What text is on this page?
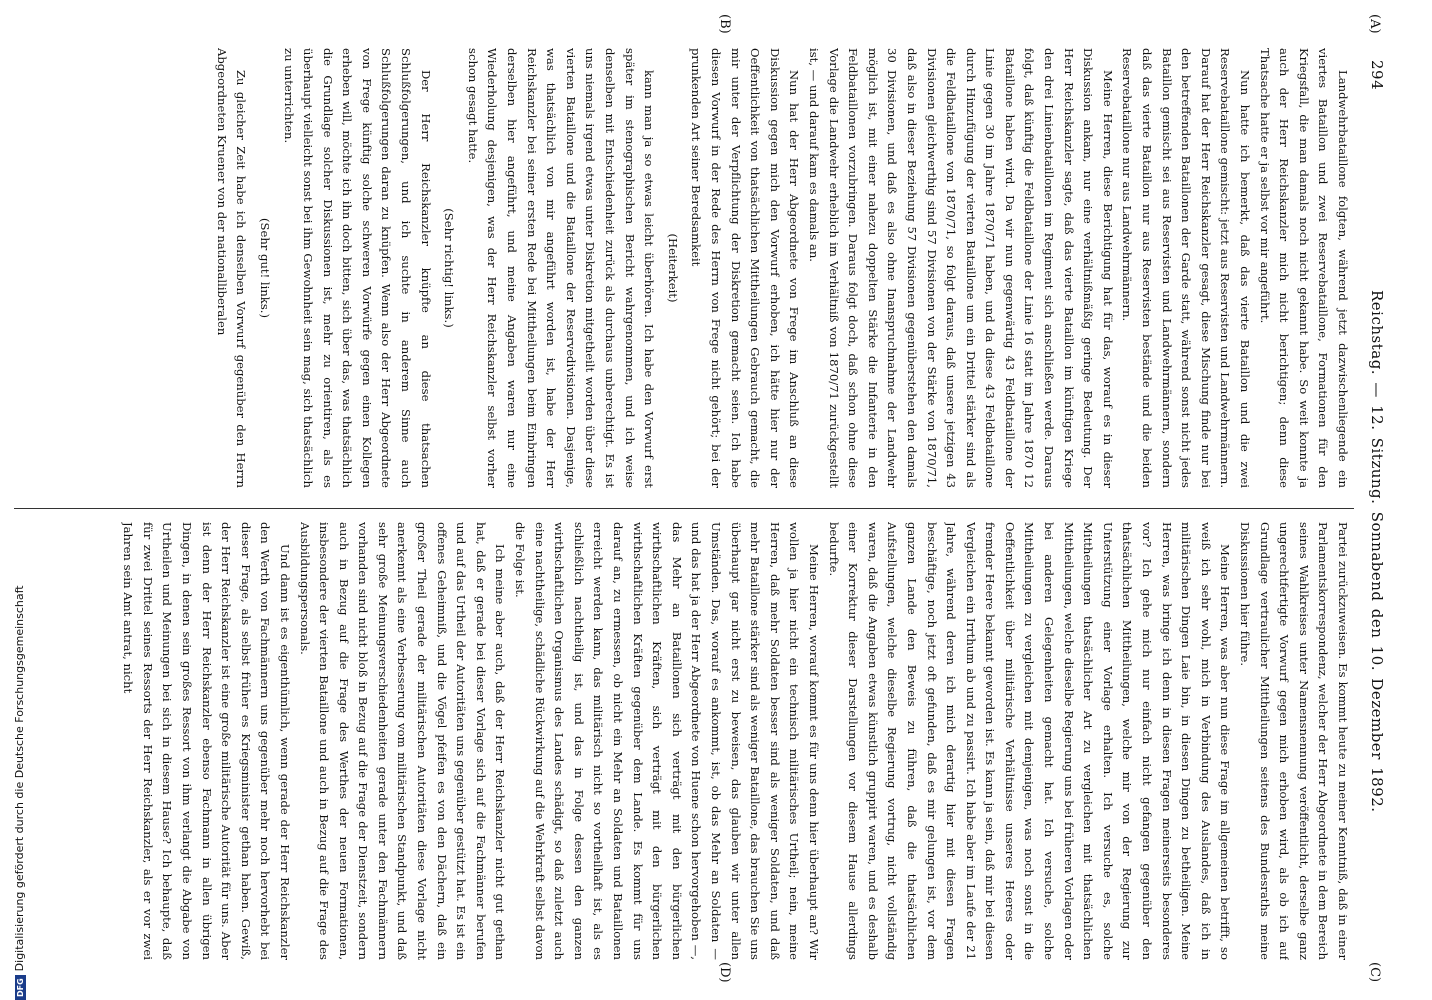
294
Reichstag. — 12. Sitzung. Sonnabend den 10. Dezember 1892.
(A)
(B)
(C)
(D)

Landwehrbataillone folgten, während jetzt dazwischenliegende ein viertes Bataillon und zwei Reservebataillone, Formationen für den Kriegsfall, die man damals noch nicht gekannt habe. So weit konnte ja auch der Herr Reichskanzler mich nicht berichtigen; denn diese Thatsache hatte er ja selbst vor mir angeführt.

Nun hatte ich bemerkt, daß das vierte Bataillon und die zwei Reservebataillone gemischt: jetzt aus Reservisten und Landwehrmännern. Darauf hat der Herr Reichskanzler gesagt, diese Mischung finde nur bei den betreffenden Bataillonen der Garde statt, während sonst nicht jedes Bataillon gemischt sei aus Reservisten und Landwehrmännern, sondern daß das vierte Bataillon nur aus Reservisten bestände und die beiden Reservebataillone nur aus Landwehrmännern.

Meine Herren, diese Berichtigung hat für das, worauf es in dieser Diskussion ankam, nur eine verhältnißmäßig geringe Bedeutung. Der Herr Reichskanzler sagte, daß das vierte Bataillon im künftigen Kriege den drei Linienbataillonen im Regiment sich anschließen werde. Daraus folgt, daß künftig die Feldbataillone der Linie 16 statt im Jahre 1870 12 Bataillone haben wird. Da wir nun gegenwärtig 43 Feldbataillone der Linie gegen 30 im Jahre 1870/71 haben, und da diese 43 Feldbataillone durch Hinzufügung der vierten Bataillone um ein Drittel stärker sind als die Feldbataillone von 1870/71, so folgt daraus, daß unsere jetzigen 43 Divisionen gleichwerthig sind 57 Divisionen von der Stärke von 1870/71, daß also in dieser Beziehung 57 Divisionen gegenüberstehen den damals 30 Divisionen, und daß es also ohne Inanspruchnahme der Landwehr möglich ist, mit einer nahezu doppelten Stärke die Infanterie in den Feldbataillonen vorzubringen. Daraus folgt doch, daß schon ohne diese Vorlage die Landwehr erheblich im Verhältniß von 1870/71 zurückgestellt ist, — und darauf kam es damals an.

Nun hat der Herr Abgeordnete von Frege im Anschluß an diese Diskussion gegen mich den Vorwurf erhoben, ich hätte hier nur der Oeffentlichkeit von thatsächlichen Mittheilungen Gebrauch gemacht, die mir unter der Verpflichtung der Diskretion gemacht seien. Ich habe diesen Vorwurf in der Rede des Herrn von Frege nicht gehört; bei der prunkenden Art seiner Beredsamkeit

(Heiterkeit)

kann man ja so etwas leicht überhören. Ich habe den Vorwurf erst später im stenographischen Bericht wahrgenommen, und ich weise denselben mit Entschiedenheit zurück als durchaus unberechtigt. Es ist uns niemals irgend etwas unter Diskretion mitgetheilt worden über diese vierten Bataillone und die Bataillone der Reservedivisionen. Dasjenige, was thatsächlich von mir angeführt worden ist, habe der Herr Reichskanzler bei seiner ersten Rede bei Mittheilungen beim Einbringen derselben hier angeführt, und meine Angaben waren nur eine Wiederholung desjenigen, was der Herr Reichskanzler selbst vorher schon gesagt hatte.

(Sehr richtig! links.)

Der Herr Reichskanzler knüpfte an diese thatsachen Schlußfolgerungen, und ich suchte in anderem Sinne auch Schlußfolgerungen daran zu knüpfen. Wenn also der Herr Abgeordnete von Frege künftig solche schweren Vorwürfe gegen einen Kollegen erheben will, möchte ich ihn doch bitten, sich über das, was thatsächlich die Grundlage solcher Diskussionen ist, mehr zu orientiren, als es überhaupt vielleicht sonst bei ihm Gewohnheit sein mag, sich thatsächlich zu unterrichten.

(Sehr gut! links.)

Zu gleicher Zeit habe ich denselben Vorwurf gegenüber den Herrn Abgeordneten Kruener von der nationalliberalen

Partei zurückzuweisen. Es kommt heute zu meiner Kenntniß, daß in einer Parlamentskorrespondenz, welcher der Herr Abgeordnete in dem Bereich seines Wahlkreises unter Namensnennung veröffentlicht, derselbe ganz ungerechtfertigte Vorwurf gegen mich erhoben wird, als ob ich auf Grundlage vertraulicher Mittheilungen seitens des Bundesraths meine Diskussionen hier führe.

Meine Herren, was aber nun diese Frage im allgemeinen betrifft, so weiß ich sehr wohl, mich in Verbindung des Auslandes, daß ich in militärischen Dingen Laie bin, in diesen Dingen zu betheiligen. Meine Herren, was bringe ich denn in diesen Fragen meinerseits besonderes vor? Ich gehe mich nur einfach nicht gefangen gegenüber den thatsächlichen Mittheilungen, welche mir von der Regierung zur Unterstützung einer Vorlage erhalten. Ich versuche es, solche Mittheilungen thatsächlicher Art zu vergleichen mit thatsächlichen Mittheilungen, welche dieselbe Regierung uns bei früheren Vorlagen oder bei anderen Gelegenheiten gemacht hat. Ich versuche, solche Mittheilungen zu vergleichen mit demjenigen, was noch sonst in die Oeffentlichkeit über militärische Verhältnisse unseres Heeres oder fremder Heere bekannt geworden ist. Es kann ja sein, daß mir bei diesen Vergleichen ein Irrthum ab und zu passirt. Ich habe aber im Laufe der 21 Jahre, während deren ich mich derartig hier mit diesen Fragen beschäftige, noch jetzt oft gefunden, daß es mir gelungen ist, vor dem ganzen Lande den Beweis zu führen, daß die thatsächlichen Aufstellungen, welche dieselbe Regierung vortrug, nicht vollständig waren, daß die Angaben etwas künstlich gruppirt waren, und es deshalb einer Korrektur dieser Darstellungen vor diesem Hause allerdings bedurfte.

Meine Herren, worauf kommt es für uns denn hier überhaupt an? Wir wollen ja hier nicht ein technisch militärisches Urtheil; nein, meine Herren, daß mehr Soldaten besser sind als weniger Soldaten, und daß mehr Bataillone stärker sind als weniger Bataillone, das brauchen Sie uns überhaupt gar nicht erst zu beweisen, das glauben wir unter allen Umständen. Das, worauf es ankommt, ist, ob das Mehr an Soldaten — und das hat ja der Herr Abgeordnete von Huene schon hervorgehoben —, das Mehr an Bataillonen sich verträgt mit den bürgerlichen wirthschaftlichen Kräften, sich verträgt mit den bürgerlichen wirthschaftlichen Kräften gegenüber dem Lande. Es kommt für uns darauf an, zu ermessen, ob nicht ein Mehr an Soldaten und Bataillonen erreicht werden kann, das militärisch nicht so vortheilhaft ist, als es schließlich nachtheilig ist, und das in Folge dessen den ganzen wirthschaftlichen Organismus des Landes schädigt, so daß zuletzt auch eine nachtheilige, schädliche Rückwirkung auf die Wehrkraft selbst davon die Folge ist.

Ich meine aber auch, daß der Herr Reichskanzler nicht gut gethan hat, daß er gerade bei dieser Vorlage sich auf die Fachmänner berufen und auf das Urtheil der Autoritäten uns gegenüber gestützt hat. Es ist ein offenes Geheimniß, und die Vögel pfeifen es von den Dächern, daß ein großer Theil gerade der militärischen Autoritäten diese Vorlage nicht anerkennt als eine Verbesserung vom militärischen Standpunkt, und daß sehr große Meinungsverschiedenheiten gerade unter den Fachmännern vorhanden sind nicht bloß in Bezug auf die Frage der Dienstzeit, sondern auch in Bezug auf die Frage des Werthes der neuen Formationen, insbesondere der vierten Bataillone und auch in Bezug auf die Frage des Ausbildungspersonals.

Und dann ist es eigenthümlich, wenn gerade der Herr Reichskanzler den Werth von Fachmännern uns gegenüber mehr noch hervorhebt bei dieser Frage, als selbst früher es Kriegsminister gethan haben. Gewiß, der Herr Reichskanzler ist eine große militärische Autorität für uns. Aber ist denn der Herr Reichskanzler ebenso Fachmann in allen übrigen Dingen, in denen sein großes Ressort von ihm verlangt die Abgabe von Urtheilen und Meinungen bei sich in diesem Hause? Ich behaupte, daß für zwei Drittel seines Ressorts der Herr Reichskanzler, als er vor zwei Jahren sein Amt antrat, nicht

DFGDigitalisierung gefördert durch die Deutsche Forschungsgemeinschaft
